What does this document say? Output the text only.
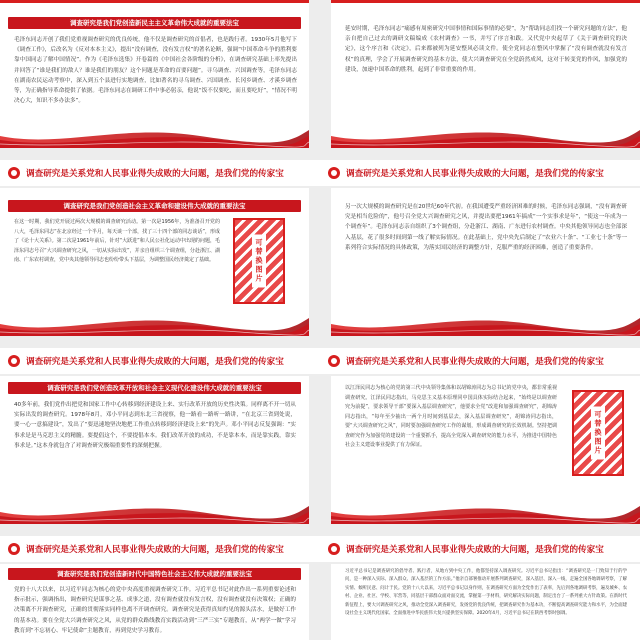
调查研究是我们党创造新民主主义革命伟大成就的重要法宝
毛泽东同志开创了我们党重视调查研究的优良传统，他不仅是调查研究的首倡者，也是践行者。1930年5月他写下《调查工作》，后改名为《反对本本主义》，提出“没有调查，没有发言权”的著名论断，强调“中国革命斗争的胜利要靠中国同志了解中国情况”。作为《毛泽东选集》开卷篇的《中国社会各阶级的分析》，在调查研究基础上率先提出并回答了“谁是我们的敌人？谁是我们的朋友？这个问题是革命的首要问题”。寻乌调查、兴国调查等，毛泽东同志在湖南农民运动考察中，深入到五个县进行实地调查，比如著名的寻乌调查、兴国调查、长冈乡调查、才溪乡调查等，为正确指导革命提供了依据。毛泽东同志在调研工作中事必躬亲，他说“饭不仅要吃，而且要吃好”，“情况不明决心大，知识不多办法多”。
延安时期，毛泽东同志“痛感有周密研究中国事情和国际事情的必要”，为“帮助同志们找一个研究问题的方法”，他亲自把自己过去的调研文稿编成《农村调查》一书，并写了序言和跋。又代党中央起草了《关于调查研究的决定》，这个序言和《决定》，后来都被列为延安整风必读文件。使全党同志在整风中掌握了“没有调查就没有发言权”的真理，学会了开展调查研究的基本方法，使大兴调查研究在全党蔚然成风，这对于转变党的作风，加强党的建设，加速中国革命的胜利，起到了非常重要的作用。
调查研究是关系党和人民事业得失成败的大问题，是我们党的传家宝	调查研究是关系党和人民事业得失成败的大问题，是我们党的传家宝
调查研究是我们党创造社会主义革命和建设伟大成就的重要法宝
在这一时期，我们党开展过两次大规模的调查研究活动。第一次是1956年，为准备召开党的八大，毛泽东同志“在北京经过一个半月，每天谈一个部，找了三十四个部的同志谈话”，形成了《论十大关系》。第二次是1961年前后，针对“大跃进”和人民公社化运动中出现的问题，毛泽东同志号召“大兴调查研究之风，一切从实际出发”，并亲自组织三个调查组，分赴浙江、湖南、广东农村调查，党中央其他领导同志也纷纷带头下基层，为调整国民经济奠定了基础。
可替换图片
另一次大规模的调查研究是在20世纪60年代初。在我国遭受严重经济困难的时候，毛泽东同志强调，“没有调查研究是相当危险的”，他号召全党大兴调查研究之风，并提出要把1961年搞成“一个实事求是年”，“使这一年成为一个调查年”。毛泽东同志亲自组织了3个调查组，分赴浙江、湖南、广东进行农村调查。中央其他领导同志也全部深入基层，花了很多时间到第一线了解实际情况。在此基础上，党中央先后制定了“农业六十条”、“工业七十条”等一系列符合实际情况的具体政策，为落实国民经济的调整方针，克服严重的经济困难，创造了重要条件。
调查研究是关系党和人民事业得失成败的大问题，是我们党的传家宝	调查研究是关系党和人民事业得失成败的大问题，是我们党的传家宝
调查研究是我们党创造改革开放和社会主义现代化建设伟大成就的重要法宝
40多年前，我们党作出把党和国家工作中心转移到经济建设上来、实行改革开放的历史性决策。同样离不开一切从实际出发的调查研究。1978年8月，邓小平同志到东北三省视察，他一路看一路听一路讲，“在北京三省到处说，要一心一意搞建设”，发出了“要迅速地坚决地把工作重点转移到经济建设上来”的先声。邓小平同志反复强调：“实事求是是马克思主义的精髓。要提倡这个，不要提倡本本。我们改革开放的成功，不是靠本本，而是靠实践，靠实事求是。”这本身就包含了对调查研究极端重要性的深刻把握。
以江泽民同志为核心的党的第三代中央领导集体和以胡锦涛同志为总书记的党中央，都非常重视调查研究。江泽民同志指出，马克思主义基本原理同中国具体实际结合起来，“始终是以调查研究为前提”，要求领导干部“要深入基层调查研究”，他要求全党“改进和加强调查研究”，胡锦涛同志指出，“每年至少抽出一两个月时间到基层去，深入基层调查研究”，胡锦涛同志指出，要“大兴调查研究之风”，同时要加强调查研究工作的谋划，形成调查研究的长效机制。坚持把调查研究作为加强党的建设的一个重要抓手，提高全党深入调查研究的能力水平，为推进中国特色社会主义建设事业提供了有力保证。
可替换图片
调查研究是关系党和人民事业得失成败的大问题，是我们党的传家宝	调查研究是关系党和人民事业得失成败的大问题，是我们党的传家宝
调查研究是我们党创造新时代中国特色社会主义伟大成就的重要法宝
党的十八大以来，以习近平同志为核心的党中央高度重视调查研究工作。习近平总书记对此作出一系列重要论述和指示批示，强调指出，调查研究是谋事之基、成事之道，没有调查就没有发言权，没有调查就没有决策权；正确的决策离不开调查研究，正确的贯彻落实同样也离不开调查研究。调查研究是获得真知灼见的源头活水，是做好工作的基本功。要在全党大兴调查研究之风，从党的群众路线教育实践活动到“三严三实”专题教育，从“两学一做”学习教育到“不忘初心、牢记使命”主题教育，再到党史学习教育。
习近平总书记是调查研究的倡导者、践行者，从地方到中央工作，他都坚持深入调查研究。习近平总书记指出：“调查研究是一门致知于行的学问，是一种深入实际、深入群众、深入基层的工作方法。”他亲自部署推动开展系列调查研究，深入基层、深入一线，走遍全国各地调研考察，了解实情、倾听民意、问计于民。党的十八大以来，习近平总书记以身作则，在调查研究方面为全党作出了表率，先后到各地调研考察，遍及城乡、农村、企业、社区、学校、军营等，同基层干部群众面对面交流，掌握第一手材料，研究解决实际问题，制定出台了一系列重大方针政策。在新时代新征程上，要大兴调查研究之风，推动全党深入调查研究，发扬党的优良传统，把调查研究作为基本功，不断提高调查研究能力和水平，为全面建设社会主义现代化国家、全面推进中华民族伟大复兴提供坚实保障。2020年4月，习近平总书记在陕西考察时强调。
